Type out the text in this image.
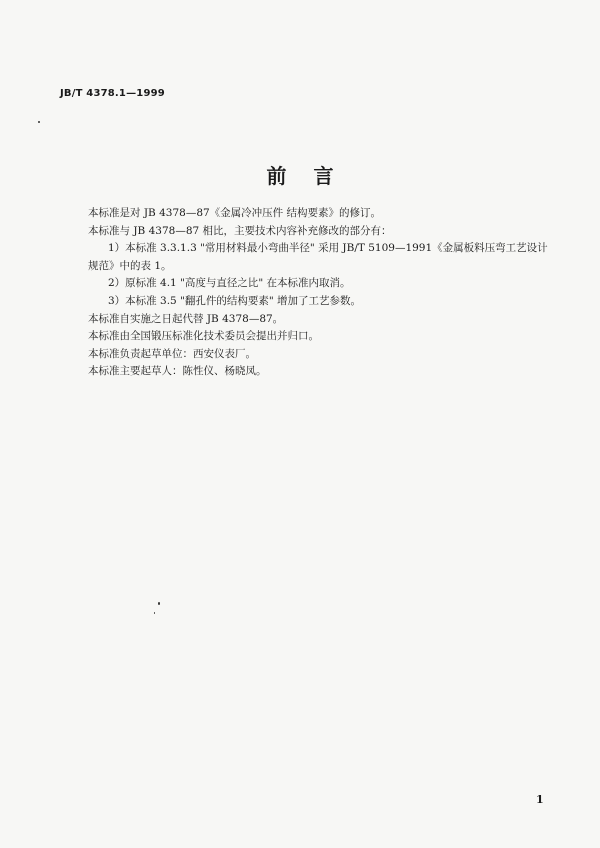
JB/T 4378.1—1999
前 言

本标准是对 JB 4378—87《金属冷冲压件 结构要素》的修订。

本标准与 JB 4378—87 相比，主要技术内容补充修改的部分有：

1）本标准 3.3.1.3 "常用材料最小弯曲半径" 采用 JB/T 5109—1991《金属板料压弯工艺设计

规范》中的表 1。

2）原标准 4.1 "高度与直径之比" 在本标准内取消。

3）本标准 3.5 "翻孔件的结构要素" 增加了工艺参数。

本标准自实施之日起代替 JB 4378—87。

本标准由全国锻压标准化技术委员会提出并归口。

本标准负责起草单位：西安仪表厂。

本标准主要起草人：陈性仪、杨晓凤。

1
